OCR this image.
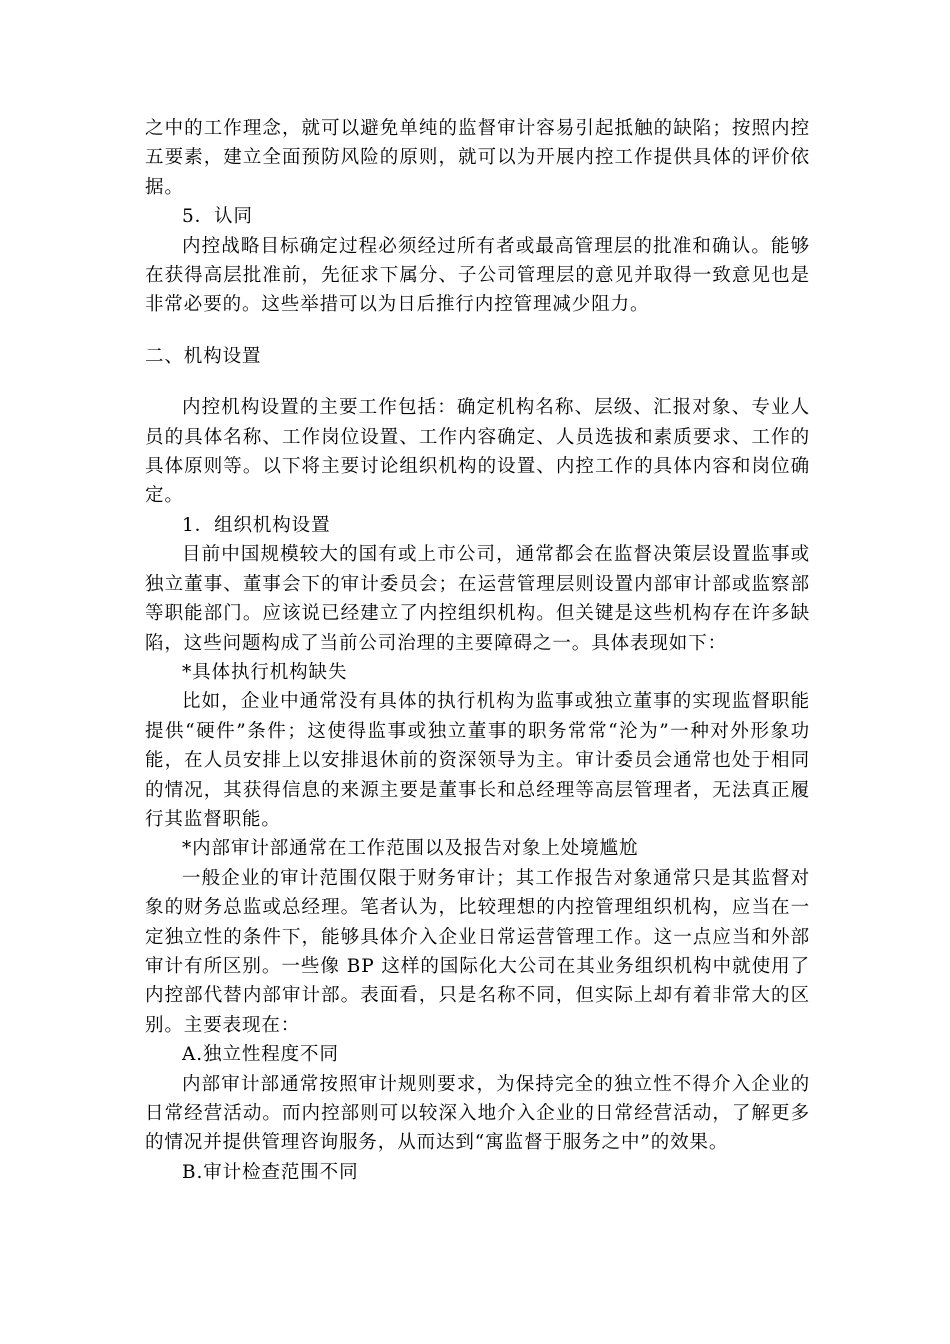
之中的工作理念，就可以避免单纯的监督审计容易引起抵触的缺陷；按照内控五要素，建立全面预防风险的原则，就可以为开展内控工作提供具体的评价依据。

5．认同

内控战略目标确定过程必须经过所有者或最高管理层的批准和确认。能够在获得高层批准前，先征求下属分、子公司管理层的意见并取得一致意见也是非常必要的。这些举措可以为日后推行内控管理减少阻力。

二、机构设置

内控机构设置的主要工作包括：确定机构名称、层级、汇报对象、专业人员的具体名称、工作岗位设置、工作内容确定、人员选拔和素质要求、工作的具体原则等。以下将主要讨论组织机构的设置、内控工作的具体内容和岗位确定。

1．组织机构设置

目前中国规模较大的国有或上市公司，通常都会在监督决策层设置监事或独立董事、董事会下的审计委员会；在运营管理层则设置内部审计部或监察部等职能部门。应该说已经建立了内控组织机构。但关键是这些机构存在许多缺陷，这些问题构成了当前公司治理的主要障碍之一。具体表现如下：

*具体执行机构缺失

比如，企业中通常没有具体的执行机构为监事或独立董事的实现监督职能提供“硬件”条件；这使得监事或独立董事的职务常常“沦为”一种对外形象功能，在人员安排上以安排退休前的资深领导为主。审计委员会通常也处于相同的情况，其获得信息的来源主要是董事长和总经理等高层管理者，无法真正履行其监督职能。

*内部审计部通常在工作范围以及报告对象上处境尴尬

一般企业的审计范围仅限于财务审计；其工作报告对象通常只是其监督对象的财务总监或总经理。笔者认为，比较理想的内控管理组织机构，应当在一定独立性的条件下，能够具体介入企业日常运营管理工作。这一点应当和外部审计有所区别。一些像 BP 这样的国际化大公司在其业务组织机构中就使用了内控部代替内部审计部。表面看，只是名称不同，但实际上却有着非常大的区别。主要表现在：

A.独立性程度不同

内部审计部通常按照审计规则要求，为保持完全的独立性不得介入企业的日常经营活动。而内控部则可以较深入地介入企业的日常经营活动，了解更多的情况并提供管理咨询服务，从而达到“寓监督于服务之中”的效果。

B.审计检查范围不同
